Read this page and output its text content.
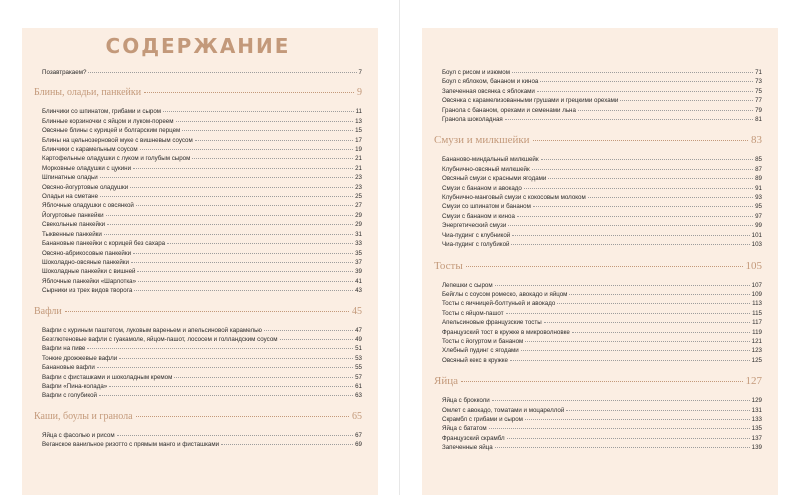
СОДЕРЖАНИЕ
Позавтракаем?	7
Блины, оладьи, панкейки	9
Блинчики со шпинатом, грибами и сыром	11
Блинные корзиночки с яйцом и луком-пореем	13
Овсяные блины с курицей и болгарским перцем	15
Блины на цельнозерновой муке с вишневым соусом	17
Блинчики с карамельным соусом	19
Картофельные оладушки с луком и голубым сыром	21
Морковные оладушки с цукини	21
Шпинатные оладьи	23
Овсяно-йогуртовые оладушки	23
Оладьи на сметане	25
Яблочные оладушки с овсянкой	27
Йогуртовые панкейки	29
Свекольные панкейки	29
Тыквенные панкейки	31
Банановые панкейки с корицей без сахара	33
Овсяно-абрикосовые панкейки	35
Шоколадно-овсяные панкейки	37
Шоколадные панкейки с вишней	39
Яблочные панкейки «Шарлотка»	41
Сырники из трех видов творога	43
Вафли	45
Вафли с куриным паштетом, луковым вареньем и апельсиновой карамелью	47
Безглютеновые вафли с гуакамоле, яйцом-пашот, лососем и голландским соусом	49
Вафли на пиве	51
Тонкие дрожжевые вафли	53
Банановые вафли	55
Вафли с фисташками и шоколадным кремом	57
Вафли «Пина-колада»	61
Вафли с голубикой	63
Каши, боулы и гранола	65
Яйца с фасолью и рисом	67
Веганское ванильное ризотто с прямым манго и фисташками	69
Боул с рисом и изюмом	71
Боул с яблоком, бананом и киноа	73
Запеченная овсянка с яблоками	75
Овсянка с карамелизованными грушами и грецкими орехами	77
Гранола с бананом, орехами и семенами льна	79
Гранола шоколадная	81
Смузи и милкшейки	83
Бананово-миндальный милкшейк	85
Клубнично-овсяный милкшейк	87
Овсяный смузи с красными ягодами	89
Смузи с бананом и авокадо	91
Клубнично-манговый смузи с кокосовым молоком	93
Смузи со шпинатом и бананом	95
Смузи с бананом и киноа	97
Энергетический смузи	99
Чиа-пудинг с клубникой	101
Чиа-пудинг с голубикой	103
Тосты	105
Лепешки с сыром	107
Бейглы с соусом ромеско, авокадо и яйцом	109
Тосты с яичницей-болтуньей и авокадо	113
Тосты с яйцом-пашот	115
Апельсиновые французские тосты	117
Французский тост в кружке в микроволновке	119
Тосты с йогуртом и бананом	121
Хлебный пудинг с ягодами	123
Овсяный кекс в кружке	125
Яйца	127
Яйца с брокколи	129
Омлет с авокадо, томатами и моцареллой	131
Скрамбл с грибами и сыром	133
Яйца с бататом	135
Французский скрамбл	137
Запеченные яйца	139
